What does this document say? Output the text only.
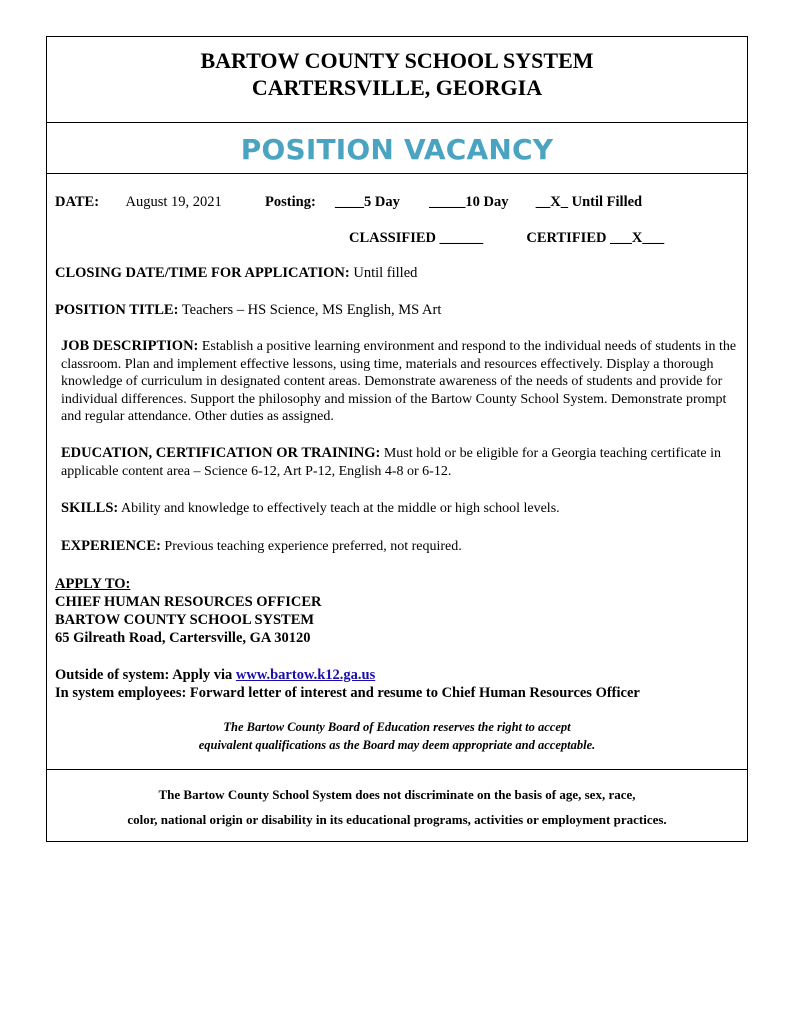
BARTOW COUNTY SCHOOL SYSTEM
CARTERSVILLE, GEORGIA
POSITION VACANCY
DATE: August 19, 2021	Posting: ____5 Day _____10 Day __X_ Until Filled
CLASSIFIED ______	CERTIFIED ___X___
CLOSING DATE/TIME FOR APPLICATION: Until filled
POSITION TITLE: Teachers – HS Science, MS English, MS Art
JOB DESCRIPTION: Establish a positive learning environment and respond to the individual needs of students in the classroom. Plan and implement effective lessons, using time, materials and resources effectively. Display a thorough knowledge of curriculum in designated content areas. Demonstrate awareness of the needs of students and provide for individual differences. Support the philosophy and mission of the Bartow County School System. Demonstrate prompt and regular attendance. Other duties as assigned.
EDUCATION, CERTIFICATION OR TRAINING: Must hold or be eligible for a Georgia teaching certificate in applicable content area – Science 6-12, Art P-12, English 4-8 or 6-12.
SKILLS: Ability and knowledge to effectively teach at the middle or high school levels.
EXPERIENCE: Previous teaching experience preferred, not required.
APPLY TO:
CHIEF HUMAN RESOURCES OFFICER
BARTOW COUNTY SCHOOL SYSTEM
65 Gilreath Road, Cartersville, GA 30120
Outside of system: Apply via www.bartow.k12.ga.us
In system employees: Forward letter of interest and resume to Chief Human Resources Officer
The Bartow County Board of Education reserves the right to accept
equivalent qualifications as the Board may deem appropriate and acceptable.
The Bartow County School System does not discriminate on the basis of age, sex, race,
color, national origin or disability in its educational programs, activities or employment practices.
